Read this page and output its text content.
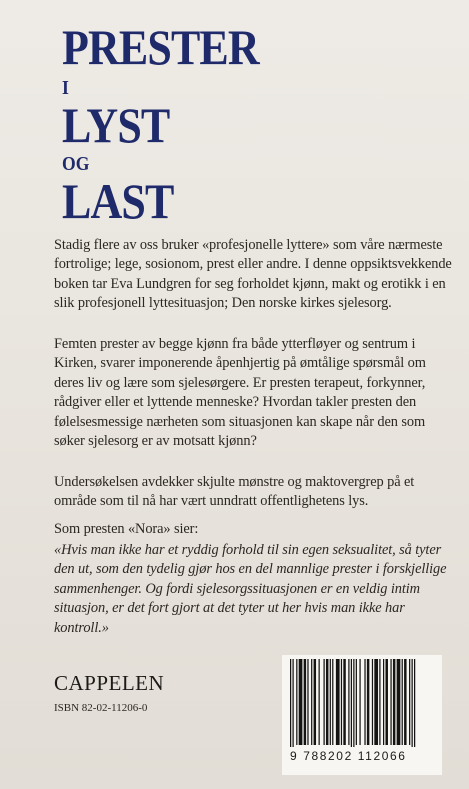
PRESTER
I
LYST
OG
LAST

Stadig flere av oss bruker «profesjonelle lyttere» som våre nærmeste fortrolige; lege, sosionom, prest eller andre. I denne oppsiktsvekkende boken tar Eva Lundgren for seg forholdet kjønn, makt og erotikk i en slik profesjonell lyttesituasjon; Den norske kirkes sjelesorg.

Femten prester av begge kjønn fra både ytterfløyer og sentrum i Kirken, svarer imponerende åpenhjertig på ømtålige spørsmål om deres liv og lære som sjelesørgere. Er presten terapeut, forkynner, rådgiver eller et lyttende menneske? Hvordan takler presten den følelsesmessige nærheten som situasjonen kan skape når den som søker sjelesorg er av motsatt kjønn?

Undersøkelsen avdekker skjulte mønstre og maktovergrep på et område som til nå har vært unndratt offentlighetens lys.

Som presten «Nora» sier:

«Hvis man ikke har et ryddig forhold til sin egen seksualitet, så tyter den ut, som den tydelig gjør hos en del mannlige prester i forskjellige sammenhenger. Og fordi sjelesorgssituasjonen er en veldig intim situasjon, er det fort gjort at det tyter ut her hvis man ikke har kontroll.»

CAPPELEN
ISBN 82-02-11206-0
9 788202 112066
